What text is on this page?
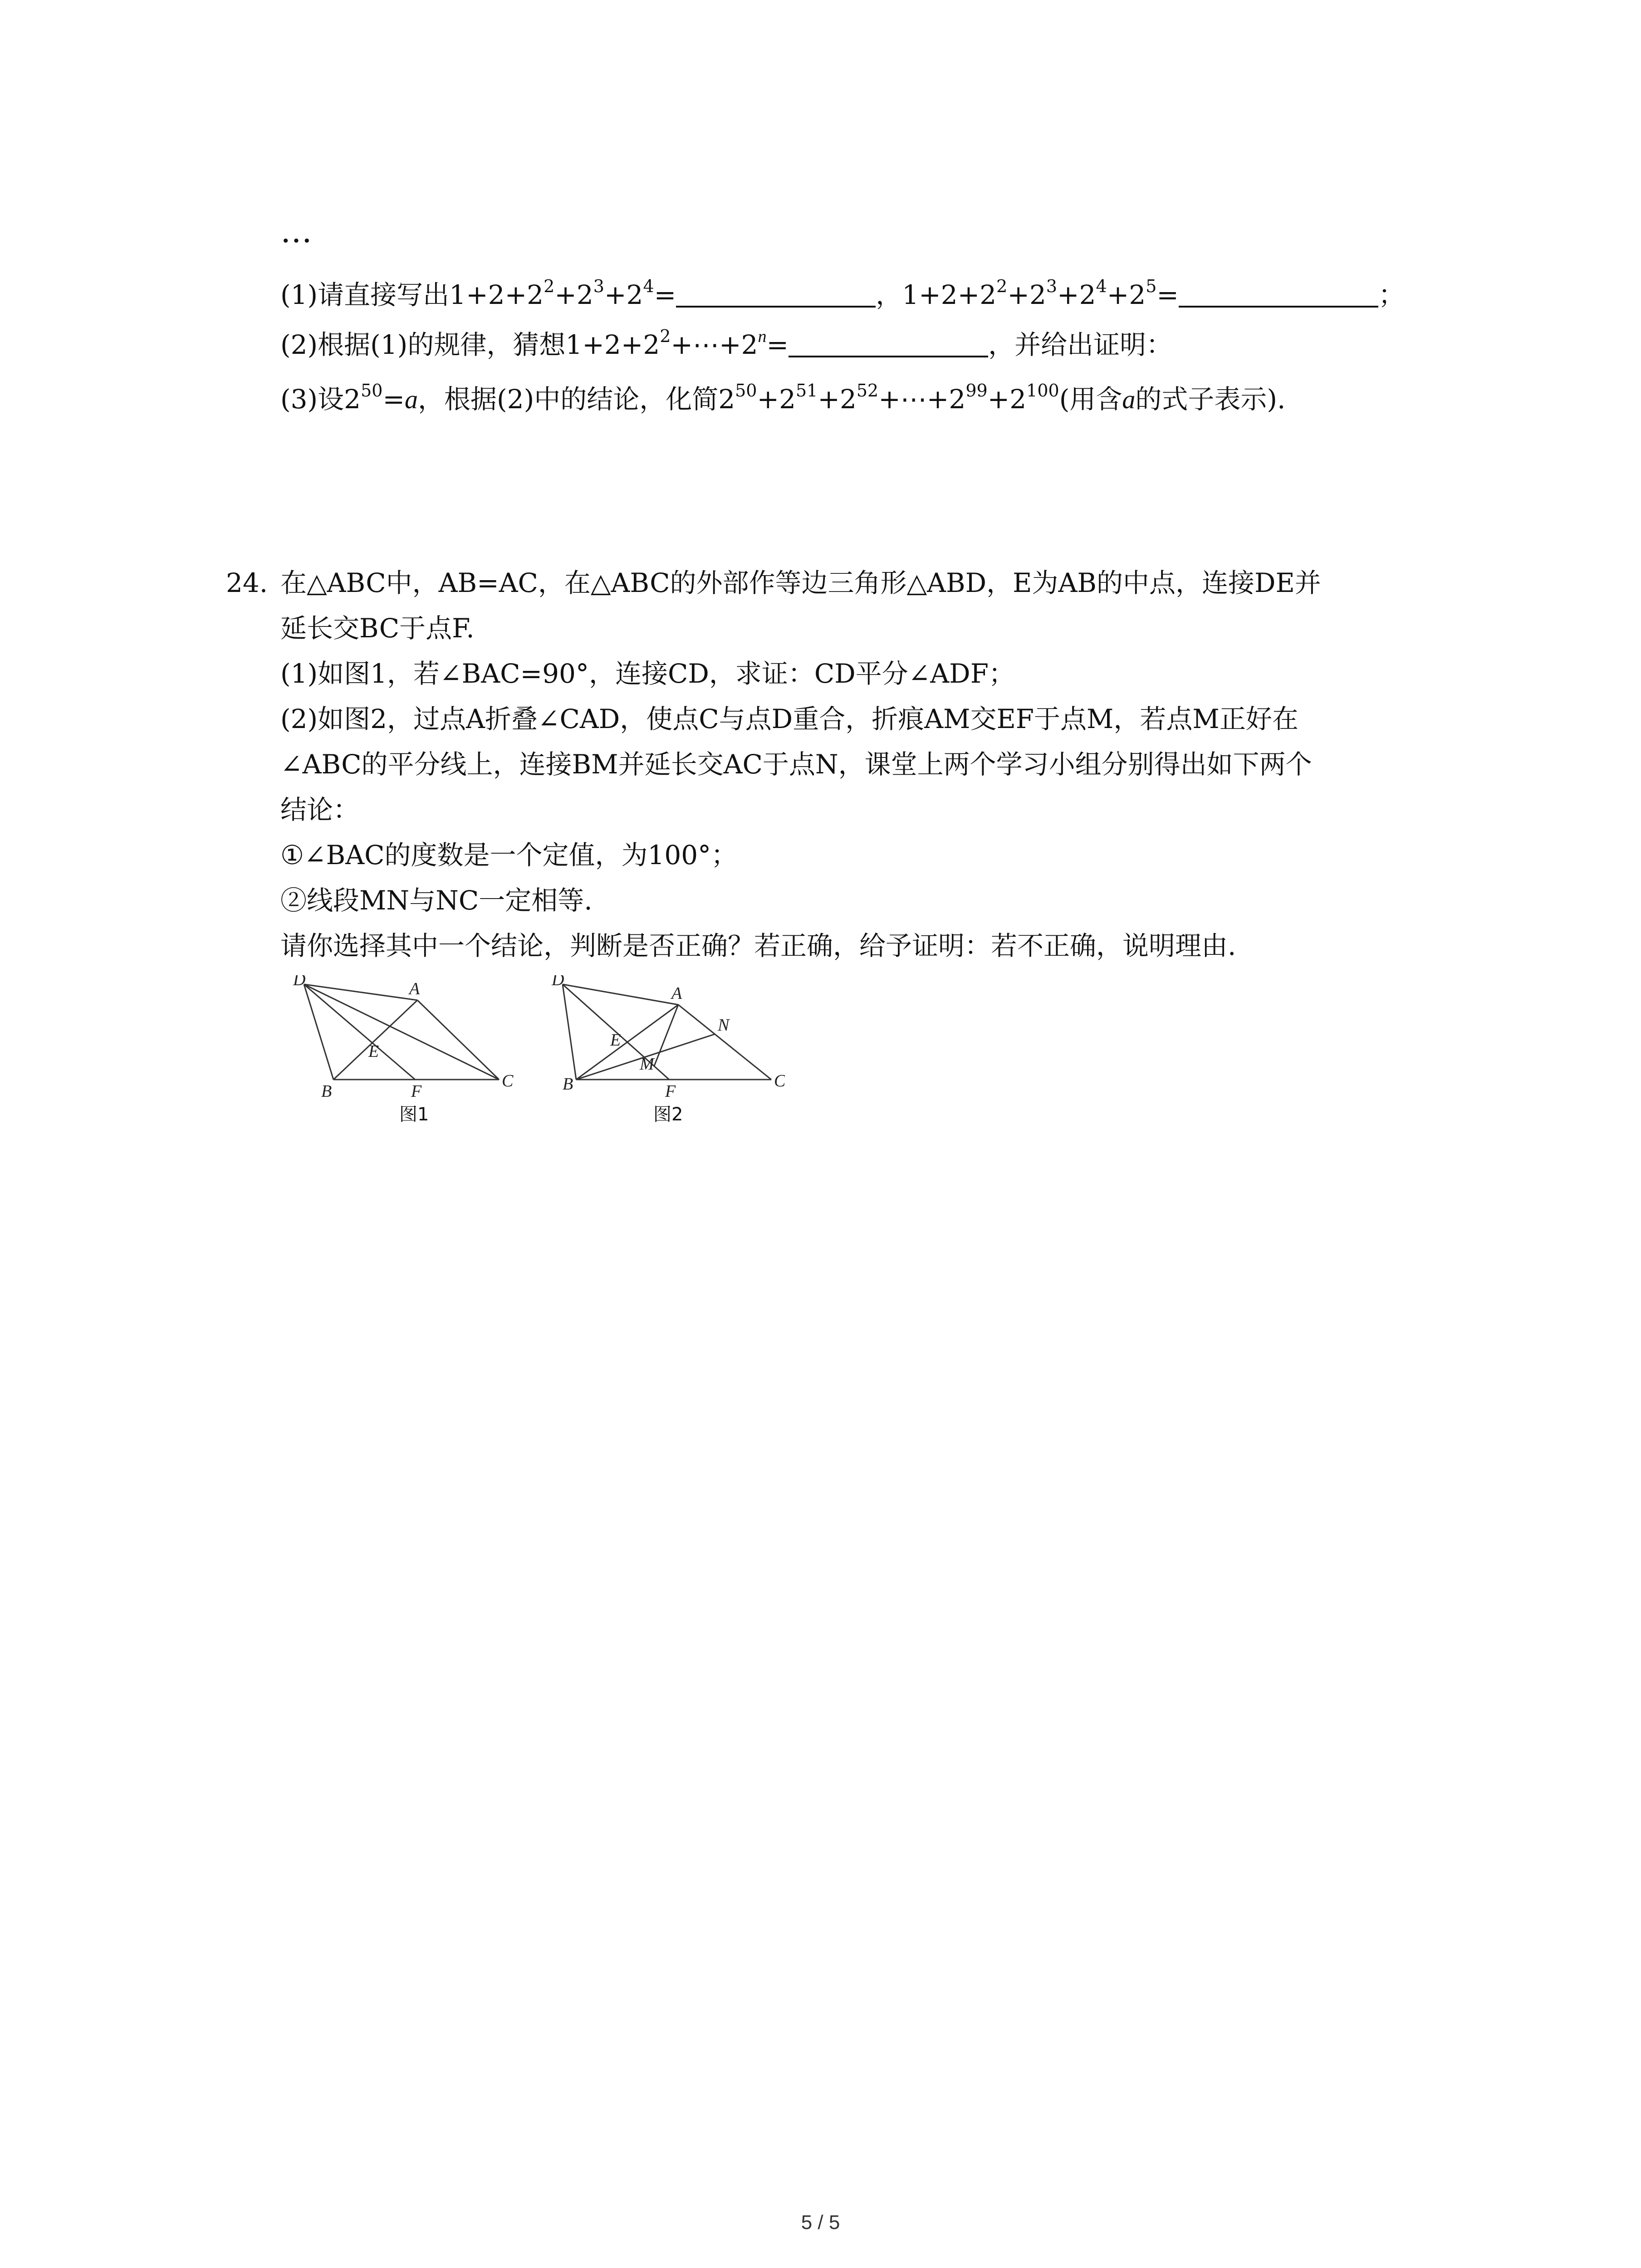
…
(1)请直接写出$1+2+2^2+2^3+2^4=$	，$1+2+2^2+2^3+2^4+2^5=$	；
(2)根据(1)的规律，猜想$1+2+2^2+\cdots+2^n=$	，并给出证明：
(3)设$2^{50}=a$，根据(2)中的结论，化简$2^{50}+2^{51}+2^{52}+\cdots+2^{99}+2^{100}$(用含a的式子表示).
24. 在△ABC中，AB=AC，在△ABC的外部作等边三角形△ABD，E为AB的中点，连接DE并
延长交BC于点F.
(1)如图1，若∠BAC=90°，连接CD，求证：CD平分∠ADF；
(2)如图2，过点A折叠∠CAD，使点C与点D重合，折痕AM交EF于点M，若点M正好在
∠ABC的平分线上，连接BM并延长交AC于点N，课堂上两个学习小组分别得出如下两个
结论：
①∠BAC的度数是一个定值，为100°；
②线段MN与NC一定相等.
请你选择其中一个结论，判断是否正确？若正确，给予证明：若不正确，说明理由.
D	A
E
B	F
C
图1
D
A
N
E
M
B	F
C
图2
5 / 5
